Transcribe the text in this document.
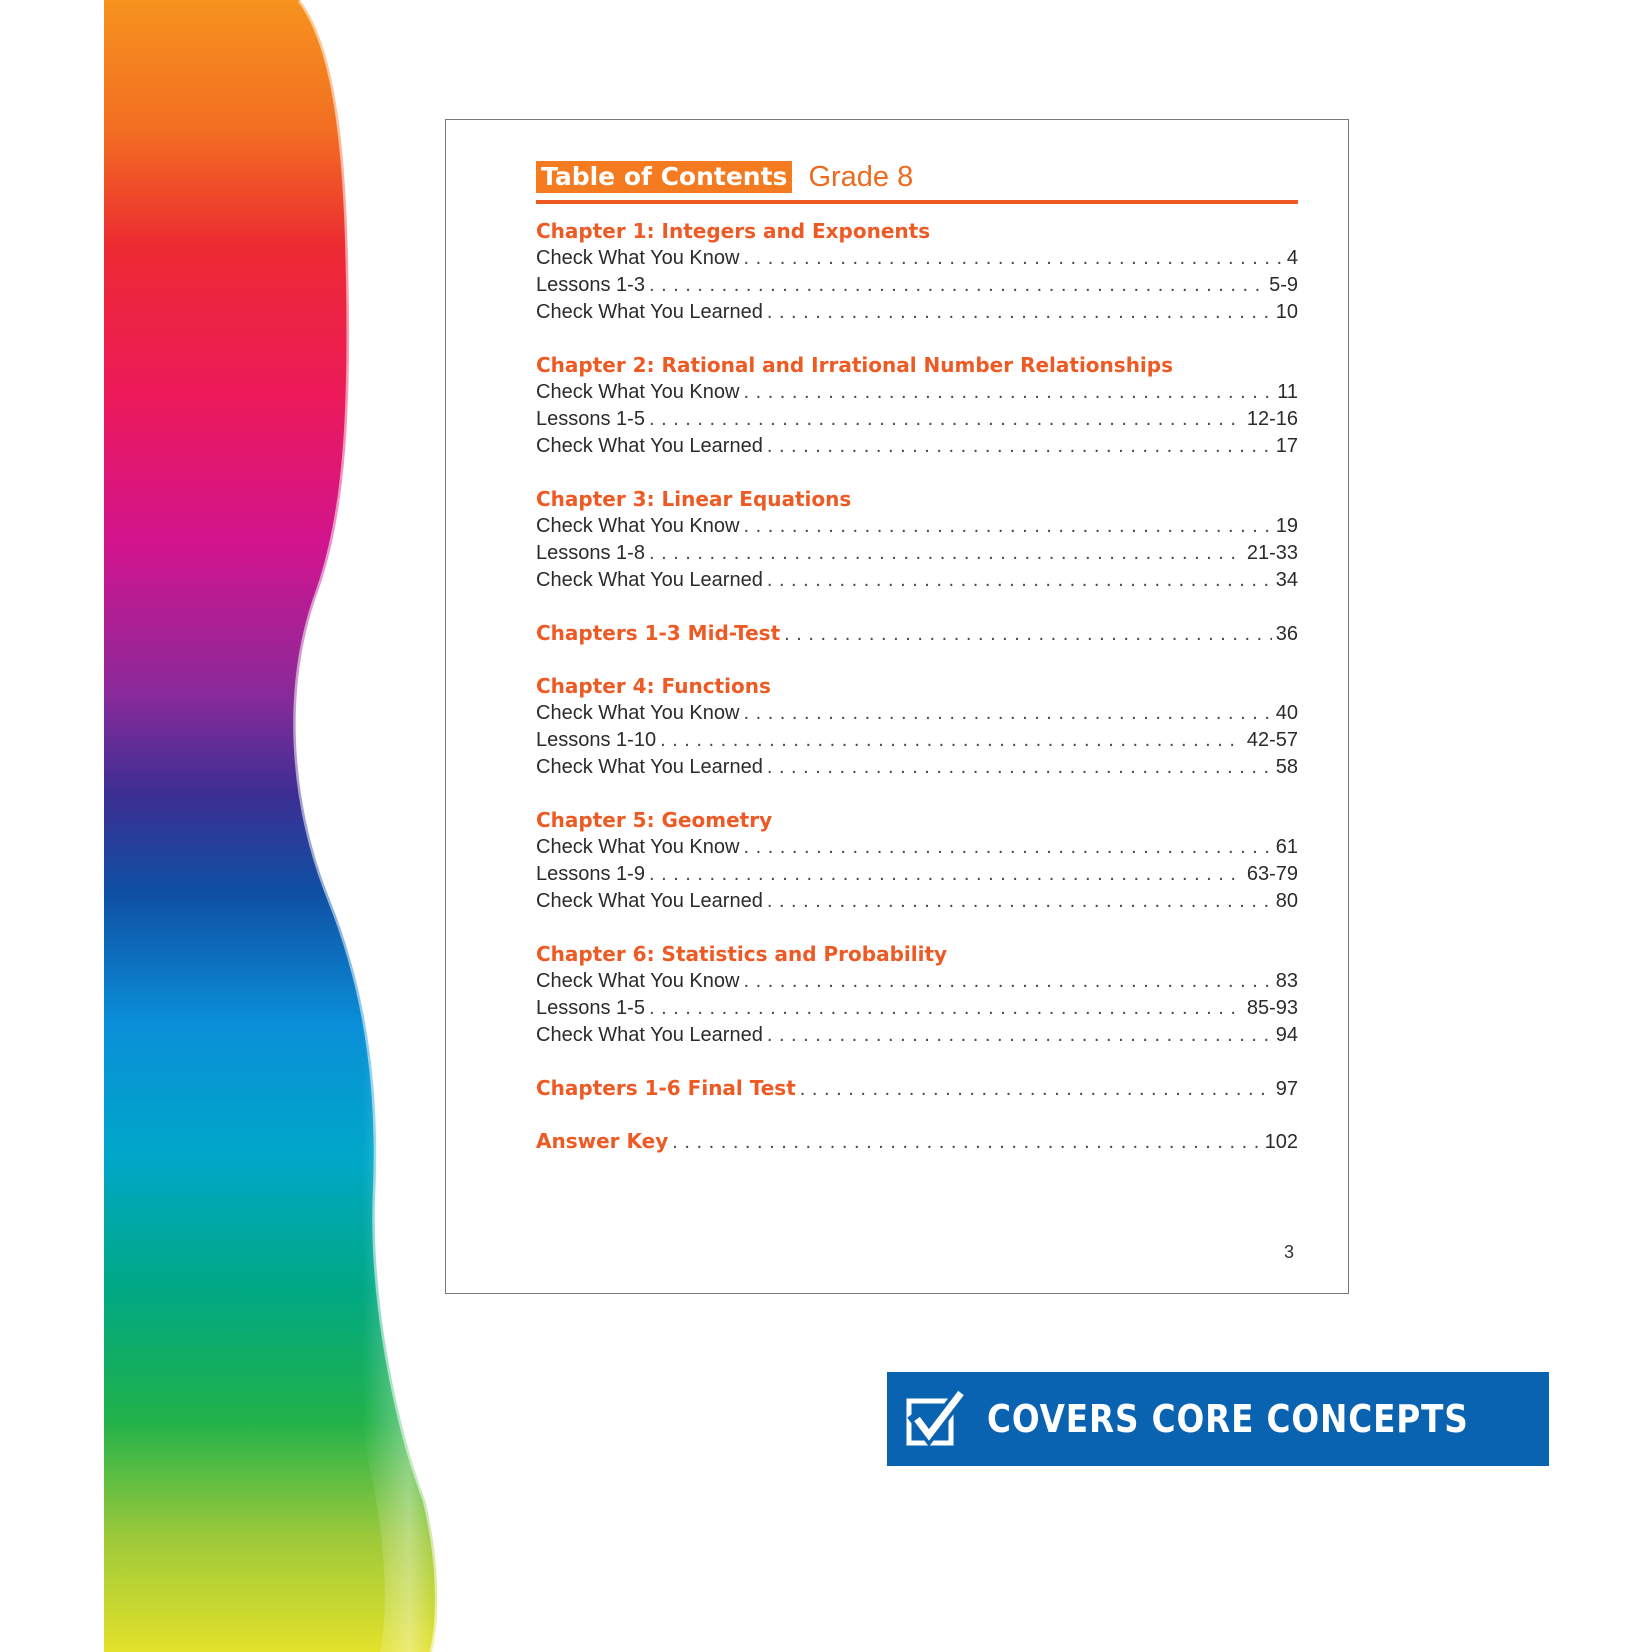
Table of Contents Grade 8
Chapter 1: Integers and Exponents
Check What You Know . . .	4
Lessons 1-3 . . .	5-9
Check What You Learned . . .	10
Chapter 2: Rational and Irrational Number Relationships
Check What You Know . . .	11
Lessons 1-5 . . .	12-16
Check What You Learned . . .	17
Chapter 3: Linear Equations
Check What You Know . . .	19
Lessons 1-8 . . .	21-33
Check What You Learned . . .	34
Chapters 1-3 Mid-Test . . .	36
Chapter 4: Functions
Check What You Know . . .	40
Lessons 1-10 . . .	42-57
Check What You Learned . . .	58
Chapter 5: Geometry
Check What You Know . . .	61
Lessons 1-9 . . .	63-79
Check What You Learned . . .	80
Chapter 6: Statistics and Probability
Check What You Know . . .	83
Lessons 1-5 . . .	85-93
Check What You Learned . . .	94
Chapters 1-6 Final Test . . .	97
Answer Key . . .	102
3
COVERS CORE CONCEPTS
